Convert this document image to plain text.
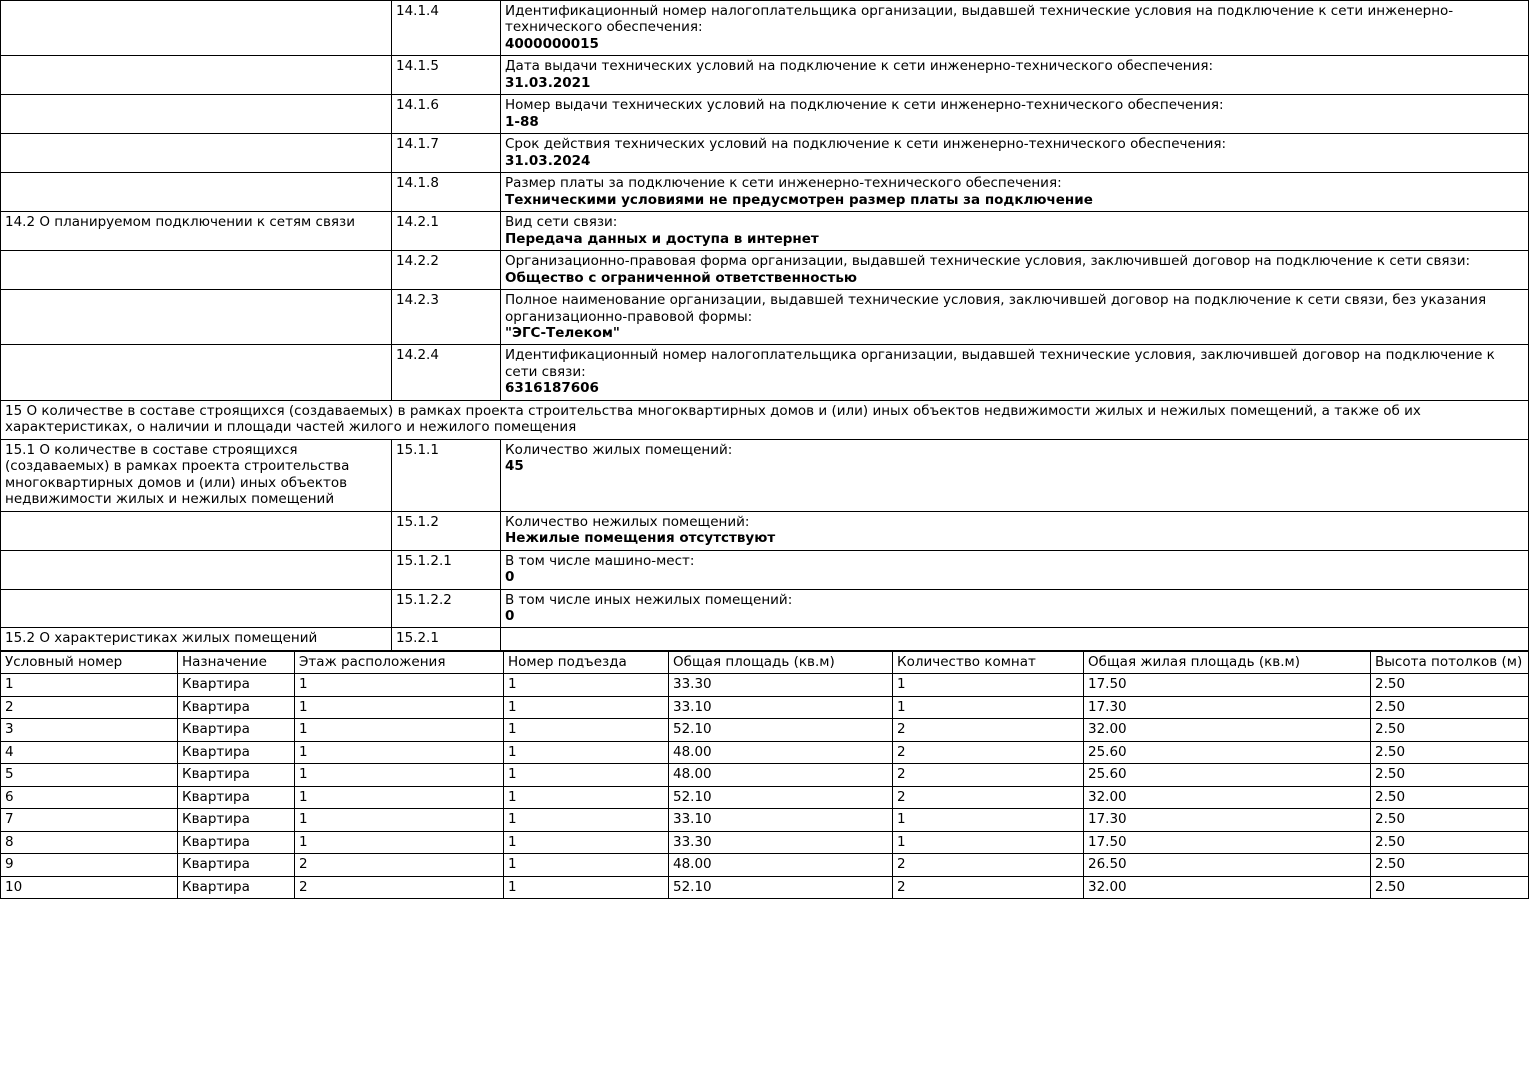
	14.1.4	Идентификационный номер налогоплательщика организации, выдавшей технические условия на подключение к сети инженерно-технического обеспечения:
4000000015

	14.1.5	Дата выдачи технических условий на подключение к сети инженерно-технического обеспечения:
31.03.2021

	14.1.6	Номер выдачи технических условий на подключение к сети инженерно-технического обеспечения:
1-88

	14.1.7	Срок действия технических условий на подключение к сети инженерно-технического обеспечения:
31.03.2024

	14.1.8	Размер платы за подключение к сети инженерно-технического обеспечения:
Техническими условиями не предусмотрен размер платы за подключение

14.2 О планируемом подключении к сетям связи	14.2.1	Вид сети связи:
Передача данных и доступа в интернет

	14.2.2	Организационно-правовая форма организации, выдавшей технические условия, заключившей договор на подключение к сети связи:
Общество с ограниченной ответственностью

	14.2.3	Полное наименование организации, выдавшей технические условия, заключившей договор на подключение к сети связи, без указания организационно-правовой формы:
"ЭГС-Телеком"

	14.2.4	Идентификационный номер налогоплательщика организации, выдавшей технические условия, заключившей договор на подключение к сети связи:
6316187606

15 О количестве в составе строящихся (создаваемых) в рамках проекта строительства многоквартирных домов и (или) иных объектов недвижимости жилых и нежилых помещений, а также об их характеристиках, о наличии и площади частей жилого и нежилого помещения		
15.1 О количестве в составе строящихся (создаваемых) в рамках проекта строительства многоквартирных домов и (или) иных объектов недвижимости жилых и нежилых помещений	15.1.1	Количество жилых помещений:
45

	15.1.2	Количество нежилых помещений:
Нежилые помещения отсутствуют

	15.1.2.1	В том числе машино-мест:
0

	15.1.2.2	В том числе иных нежилых помещений:
0

15.2 О характеристиках жилых помещений	15.2.1	
Условный номер	Назначение	Этаж расположения	Номер подъезда	Общая площадь (кв.м)	Количество комнат	Общая жилая площадь (кв.м)	Высота потолков (м)
1	Квартира	1	1	33.30	1	17.50	2.50
2	Квартира	1	1	33.10	1	17.30	2.50
3	Квартира	1	1	52.10	2	32.00	2.50
4	Квартира	1	1	48.00	2	25.60	2.50
5	Квартира	1	1	48.00	2	25.60	2.50
6	Квартира	1	1	52.10	2	32.00	2.50
7	Квартира	1	1	33.10	1	17.30	2.50
8	Квартира	1	1	33.30	1	17.50	2.50
9	Квартира	2	1	48.00	2	26.50	2.50
10	Квартира	2	1	52.10	2	32.00	2.50
